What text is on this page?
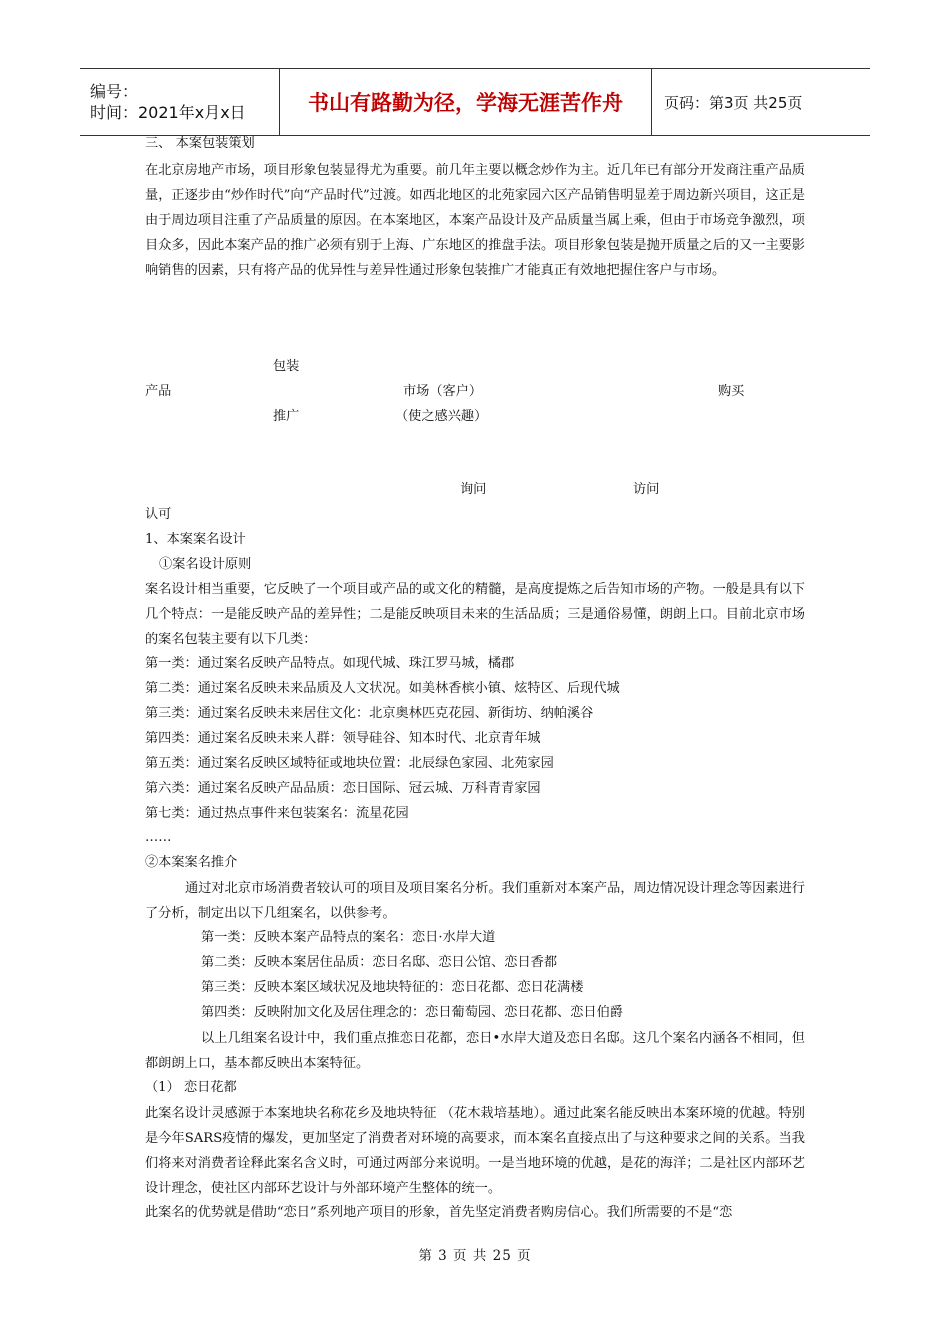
编号：
时间：2021年x月x日	书山有路勤为径，学海无涯苦作舟	页码：第3页 共25页
三、 本案包装策划
在北京房地产市场，项目形象包装显得尤为重要。前几年主要以概念炒作为主。近几年已有部分开发商注重产品质量，正逐步由“炒作时代”向“产品时代”过渡。如西北地区的北苑家园六区产品销售明显差于周边新兴项目，这正是由于周边项目注重了产品质量的原因。在本案地区，本案产品设计及产品质量当属上乘，但由于市场竞争激烈，项目众多，因此本案产品的推广必须有别于上海、广东地区的推盘手法。项目形象包装是抛开质量之后的又一主要影响销售的因素，只有将产品的优异性与差异性通过形象包装推广才能真正有效地把握住客户与市场。
包装
产品	市场（客户）	购买
推广	（使之感兴趣）
询问	访问
认可
1、本案案名设计
①案名设计原则
案名设计相当重要，它反映了一个项目或产品的或文化的精髓，是高度提炼之后告知市场的产物。一般是具有以下几个特点：一是能反映产品的差异性；二是能反映项目未来的生活品质；三是通俗易懂，朗朗上口。目前北京市场的案名包装主要有以下几类：
第一类：通过案名反映产品特点。如现代城、珠江罗马城，橘郡
第二类：通过案名反映未来品质及人文状况。如美林香槟小镇、炫特区、后现代城
第三类：通过案名反映未来居住文化：北京奥林匹克花园、新街坊、纳帕溪谷
第四类：通过案名反映未来人群：领导硅谷、知本时代、北京青年城
第五类：通过案名反映区域特征或地块位置：北辰绿色家园、北苑家园
第六类：通过案名反映产品品质：恋日国际、冠云城、万科青青家园
第七类：通过热点事件来包装案名：流星花园
……
②本案案名推介
通过对北京市场消费者较认可的项目及项目案名分析。我们重新对本案产品，周边情况设计理念等因素进行了分析，制定出以下几组案名，以供参考。
第一类：反映本案产品特点的案名：恋日·水岸大道
第二类：反映本案居住品质：恋日名邸、恋日公馆、恋日香都
第三类：反映本案区域状况及地块特征的：恋日花都、恋日花满楼
第四类：反映附加文化及居住理念的：恋日葡萄园、恋日花都、恋日伯爵
以上几组案名设计中，我们重点推恋日花都，恋日•水岸大道及恋日名邸。这几个案名内涵各不相同，但都朗朗上口，基本都反映出本案特征。
（1） 恋日花都
此案名设计灵感源于本案地块名称花乡及地块特征 （花木栽培基地）。通过此案名能反映出本案环境的优越。特别是今年SARS疫情的爆发，更加坚定了消费者对环境的高要求，而本案名直接点出了与这种要求之间的关系。当我们将来对消费者诠释此案名含义时，可通过两部分来说明。一是当地环境的优越，是花的海洋；二是社区内部环艺设计理念，使社区内部环艺设计与外部环境产生整体的统一。
此案名的优势就是借助“恋日”系列地产项目的形象，首先坚定消费者购房信心。我们所需要的不是“恋
第 3 页 共 25 页
